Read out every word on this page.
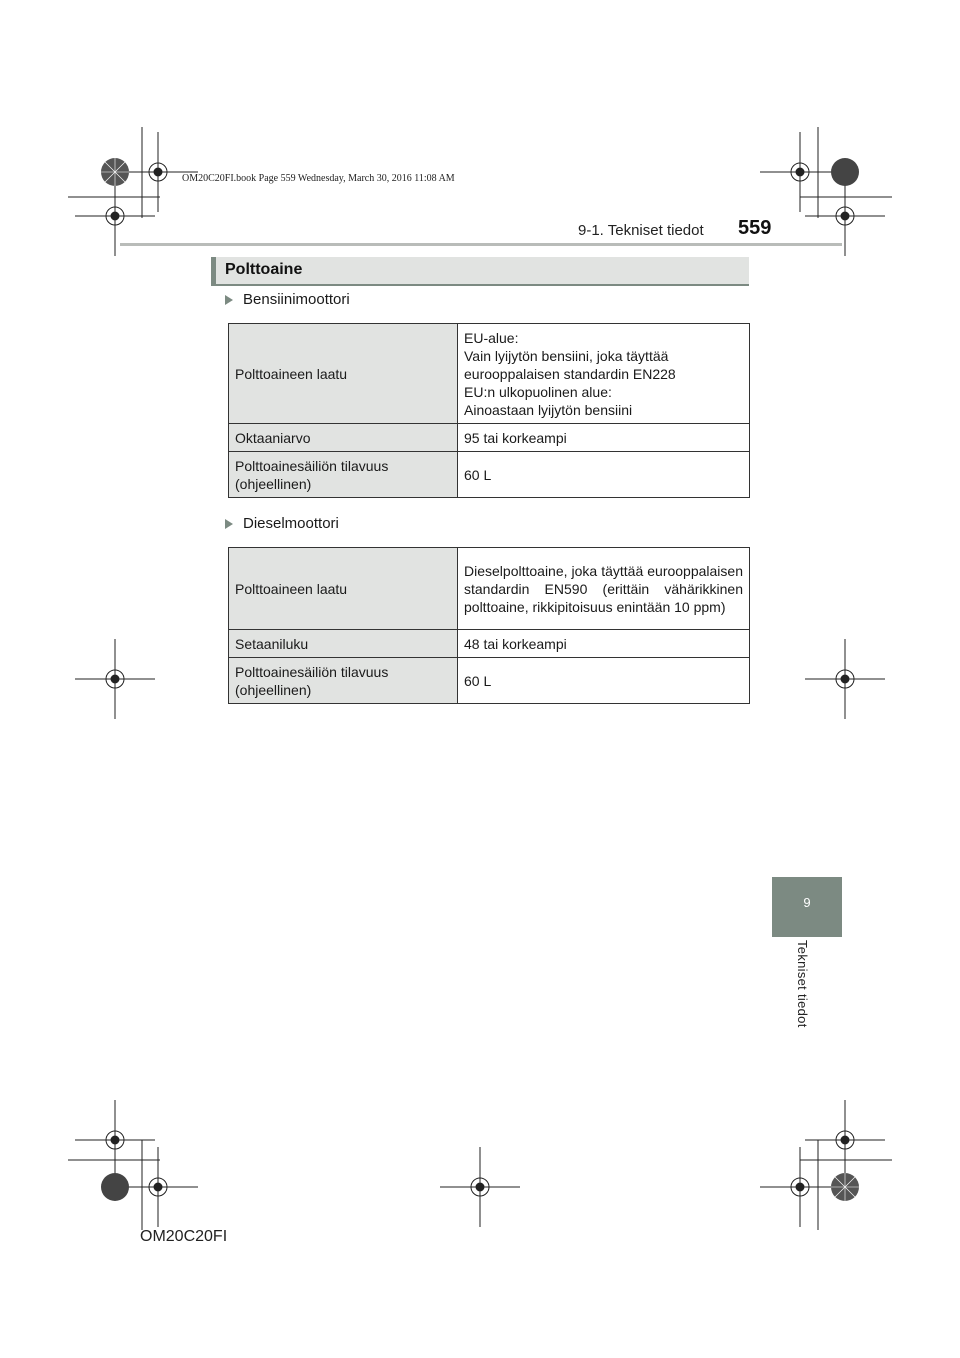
OM20C20FI.book Page 559 Wednesday, March 30, 2016 11:08 AM
9-1. Tekniset tiedot 559
9
Tekniset tiedot
Polttoaine
Bensiinimoottori
Polttoaineen laatu	EU-alue:
Vain lyijytön bensiini, joka täyttää
eurooppalaisen standardin EN228
EU:n ulkopuolinen alue:
Ainoastaan lyijytön bensiini

Oktaaniarvo	95 tai korkeampi

Polttoainesäiliön tilavuus
(ohjeellinen)	60 L
Dieselmoottori
Polttoaineen laatu	Dieselpolttoaine, joka täyttää eurooppalaisen standardin EN590 (erittäin vähärikkinen polttoaine, rikkipitoisuus enintään 10 ppm)
Setaaniluku	48 tai korkeampi

Polttoainesäiliön tilavuus
(ohjeellinen)	60 L
OM20C20FI
